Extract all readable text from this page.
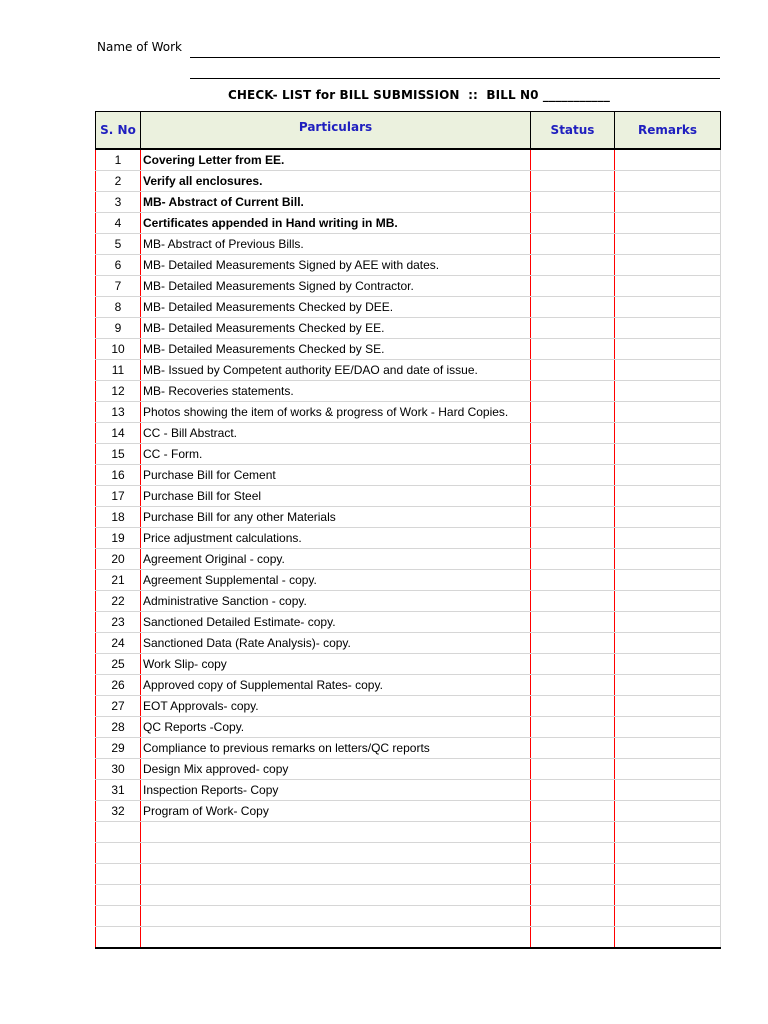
Name of Work
CHECK- LIST for BILL SUBMISSION  ::  BILL N0 ___________
S. No	Particulars	Status	Remarks
1	Covering Letter from EE.		
2	Verify all enclosures.		
3	MB- Abstract of Current Bill.		
4	Certificates appended in Hand writing in MB.		
5	MB- Abstract of Previous Bills.		
6	MB- Detailed Measurements Signed by AEE with dates.		
7	MB- Detailed Measurements Signed by Contractor.		
8	MB- Detailed Measurements Checked by DEE.		
9	MB- Detailed Measurements Checked by EE.		
10	MB- Detailed Measurements Checked by SE.		
11	MB- Issued by Competent authority EE/DAO and date of issue.		
12	MB- Recoveries statements.		
13	Photos showing the item of works & progress of Work - Hard Copies.		
14	CC - Bill Abstract.		
15	CC - Form.		
16	Purchase Bill for Cement		
17	Purchase Bill for Steel		
18	Purchase Bill for any other Materials		
19	Price adjustment calculations.		
20	Agreement Original - copy.		
21	Agreement Supplemental - copy.		
22	Administrative Sanction - copy.		
23	Sanctioned Detailed Estimate- copy.		
24	Sanctioned Data (Rate Analysis)- copy.		
25	Work Slip- copy		
26	Approved copy of Supplemental Rates- copy.		
27	EOT Approvals- copy.		
28	QC Reports -Copy.		
29	Compliance to previous remarks on letters/QC reports		
30	Design Mix approved- copy		
31	Inspection Reports- Copy		
32	Program of Work- Copy		
